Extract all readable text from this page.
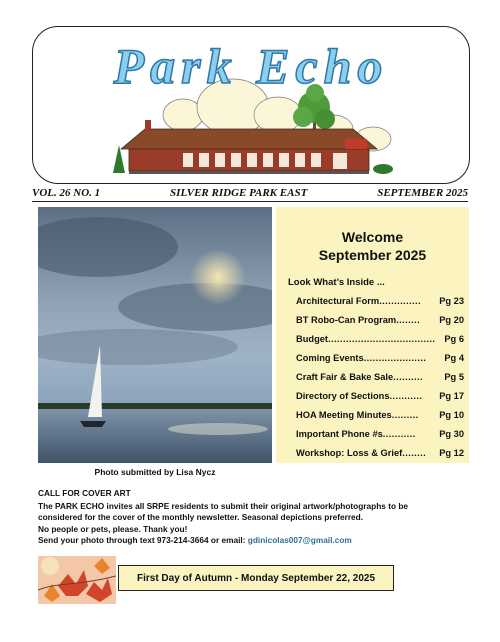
Park Echo
VOL. 26 NO. 1	SILVER RIDGE PARK EAST	SEPTEMBER 2025
Photo submitted by Lisa Nycz
Welcome
September 2025
Look What’s Inside ...
Architectural Form ..............	Pg 23
BT Robo-Can Program ........	Pg 20
Budget .................................... Pg 6
Coming Events .....................	Pg 4
Craft Fair & Bake Sale ..........	Pg 5
Directory of Sections ...........	Pg 17
HOA Meeting Minutes .........	Pg 10
Important Phone #s ...........	Pg 30
Workshop: Loss & Grief ........	Pg 12
CALL FOR COVER ART
The PARK ECHO invites all SRPE residents to submit their original artwork/photographs to be
considered for the cover of the monthly newsletter. Seasonal depictions preferred.
No people or pets, please. Thank you!
Send your photo through text 973-214-3664 or email: gdinicolas007@gmail.com
First Day of Autumn - Monday September 22, 2025
